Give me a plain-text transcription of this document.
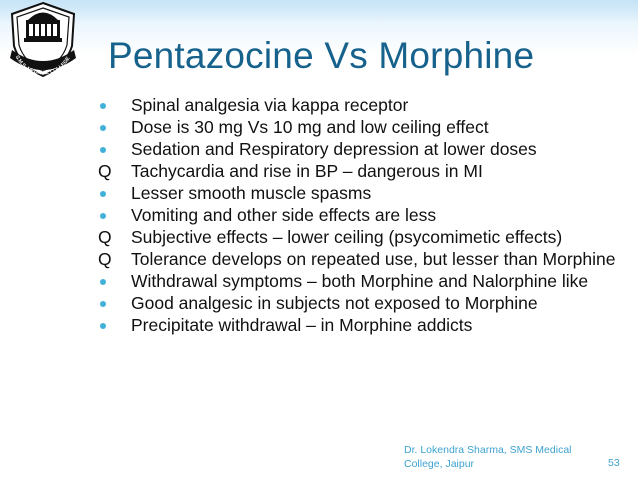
S.M.S. MEDICAL COLLEGE Pentazocine Vs Morphine
Spinal analgesia via kappa receptor
Dose is 30 mg Vs 10 mg and low ceiling effect
Sedation and Respiratory depression at lower doses
Q Tachycardia and rise in BP – dangerous in MI
Lesser smooth muscle spasms
Vomiting and other side effects are less
Q Subjective effects – lower ceiling (psycomimetic effects)
Q Tolerance develops on repeated use, but lesser than Morphine
Withdrawal symptoms – both Morphine and Nalorphine like
Good analgesic in subjects not exposed to Morphine
Precipitate withdrawal – in Morphine addicts
Dr. Lokendra Sharma, SMS Medical College, Jaipur	53
